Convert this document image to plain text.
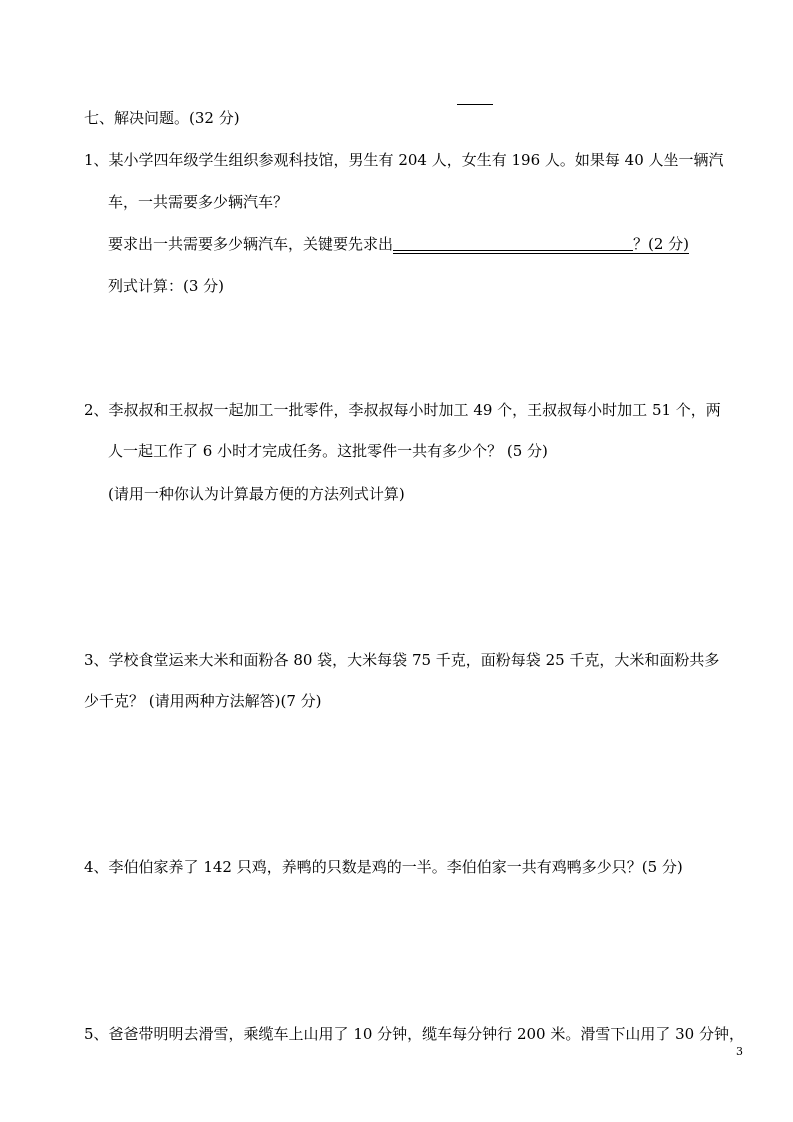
七、解决问题。(32 分)
1、某小学四年级学生组织参观科技馆，男生有 204 人，女生有 196 人。如果每 40 人坐一辆汽
车，一共需要多少辆汽车？
要求出一共需要多少辆汽车，关键要先求出	？(2 分)
列式计算：(3 分)
2、李叔叔和王叔叔一起加工一批零件，李叔叔每小时加工 49 个，王叔叔每小时加工 51 个，两
人一起工作了 6 小时才完成任务。这批零件一共有多少个？ (5 分)
(请用一种你认为计算最方便的方法列式计算)
3、学校食堂运来大米和面粉各 80 袋，大米每袋 75 千克，面粉每袋 25 千克，大米和面粉共多
少千克？ (请用两种方法解答)(7 分)
4、李伯伯家养了 142 只鸡，养鸭的只数是鸡的一半。李伯伯家一共有鸡鸭多少只？(5 分)
5、爸爸带明明去滑雪，乘缆车上山用了 10 分钟，缆车每分钟行 200 米。滑雪下山用了 30 分钟，
3
